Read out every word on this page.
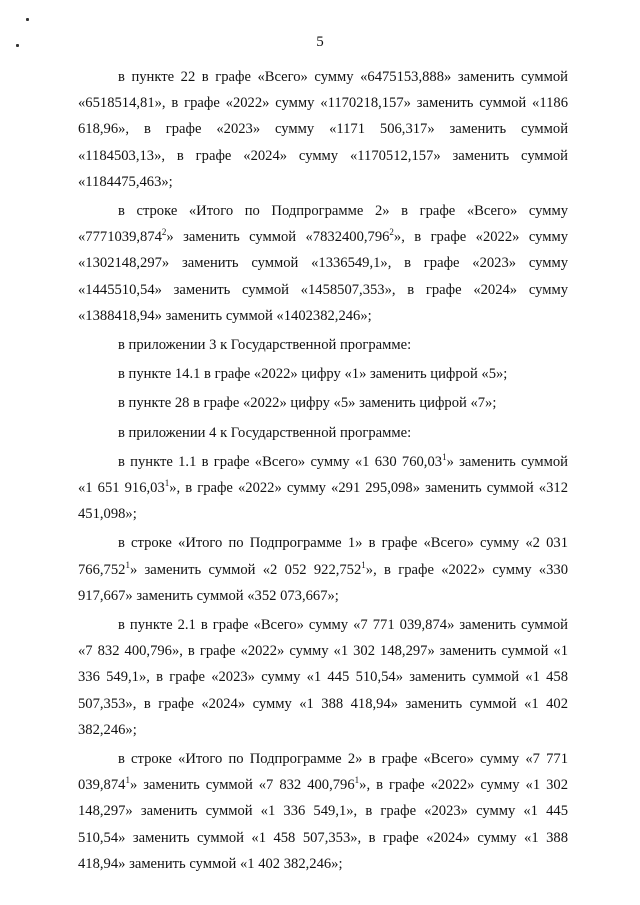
5

в пункте 22 в графе «Всего» сумму «6475153,888» заменить суммой «6518514,81», в графе «2022» сумму «1170218,157» заменить суммой «1186 618,96», в графе «2023» сумму «1171 506,317» заменить суммой «1184503,13», в графе «2024» сумму «1170512,157» заменить суммой «1184475,463»;

в строке «Итого по Подпрограмме 2» в графе «Всего» сумму «7771039,874$^2$» заменить суммой «7832400,796$^2$», в графе «2022» сумму «1302148,297» заменить суммой «1336549,1», в графе «2023» сумму «1445510,54» заменить суммой «1458507,353», в графе «2024» сумму «1388418,94» заменить суммой «1402382,246»;

в приложении 3 к Государственной программе:

в пункте 14.1 в графе «2022» цифру «1» заменить цифрой «5»;

в пункте 28 в графе «2022» цифру «5» заменить цифрой «7»;

в приложении 4 к Государственной программе:

в пункте 1.1 в графе «Всего» сумму «1 630 760,03$^1$» заменить суммой «1 651 916,03$^1$», в графе «2022» сумму «291 295,098» заменить суммой «312 451,098»;

в строке «Итого по Подпрограмме 1» в графе «Всего» сумму «2 031 766,752$^1$» заменить суммой «2 052 922,752$^1$», в графе «2022» сумму «330 917,667» заменить суммой «352 073,667»;

в пункте 2.1 в графе «Всего» сумму «7 771 039,874» заменить суммой «7 832 400,796», в графе «2022» сумму «1 302 148,297» заменить суммой «1 336 549,1», в графе «2023» сумму «1 445 510,54» заменить суммой «1 458 507,353», в графе «2024» сумму «1 388 418,94» заменить суммой «1 402 382,246»;

в строке «Итого по Подпрограмме 2» в графе «Всего» сумму «7 771 039,874$^1$» заменить суммой «7 832 400,796$^1$», в графе «2022» сумму «1 302 148,297» заменить суммой «1 336 549,1», в графе «2023» сумму «1 445 510,54» заменить суммой «1 458 507,353», в графе «2024» сумму «1 388 418,94» заменить суммой «1 402 382,246»;
